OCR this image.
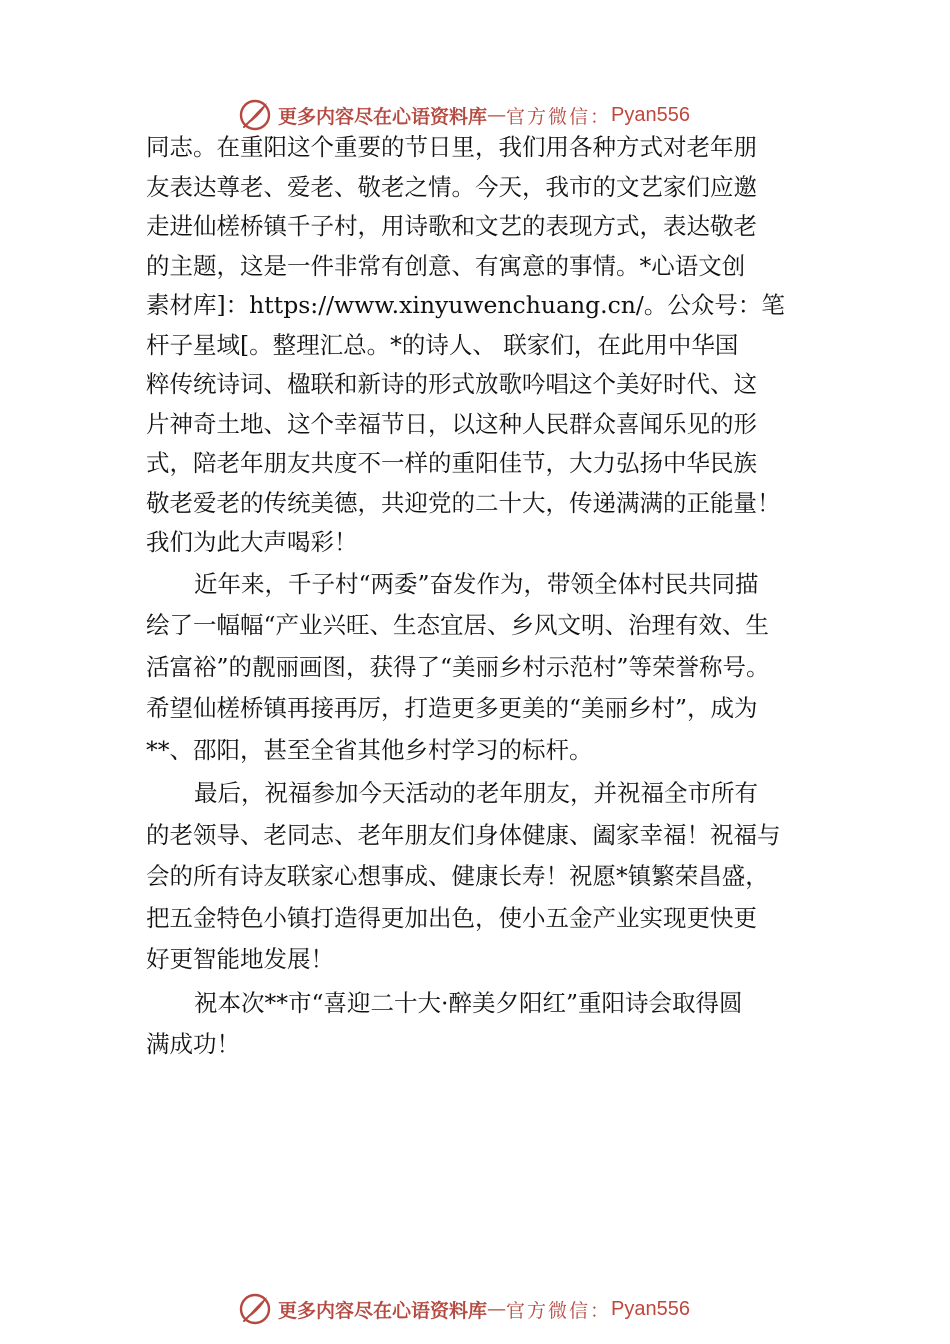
更多内容尽在心语资料库 — 官方微信： Pyan556
同志。在重阳这个重要的节日里，我们用各种方式对老年朋
友表达尊老、爱老、敬老之情。今天，我市的文艺家们应邀
走进仙槎桥镇千子村，用诗歌和文艺的表现方式，表达敬老
的主题，这是一件非常有创意、有寓意的事情。*心语文创
素材库]：https://www.xinyuwenchuang.cn/。公众号：笔
杆子星域[。整理汇总。*的诗人、 联家们，在此用中华国
粹传统诗词、楹联和新诗的形式放歌吟唱这个美好时代、这
片神奇土地、这个幸福节日，以这种人民群众喜闻乐见的形
式，陪老年朋友共度不一样的重阳佳节，大力弘扬中华民族
敬老爱老的传统美德，共迎党的二十大，传递满满的正能量！
我们为此大声喝彩！
近年来，千子村“两委”奋发作为，带领全体村民共同描
绘了一幅幅“产业兴旺、生态宜居、乡风文明、治理有效、生
活富裕”的靓丽画图，获得了“美丽乡村示范村”等荣誉称号。
希望仙槎桥镇再接再厉，打造更多更美的“美丽乡村”，成为
**、邵阳，甚至全省其他乡村学习的标杆。
最后，祝福参加今天活动的老年朋友，并祝福全市所有
的老领导、老同志、老年朋友们身体健康、阖家幸福！祝福与
会的所有诗友联家心想事成、健康长寿！祝愿*镇繁荣昌盛，
把五金特色小镇打造得更加出色，使小五金产业实现更快更
好更智能地发展！
祝本次**市“喜迎二十大·醉美夕阳红”重阳诗会取得圆
满成功！
更多内容尽在心语资料库 — 官方微信： Pyan556
